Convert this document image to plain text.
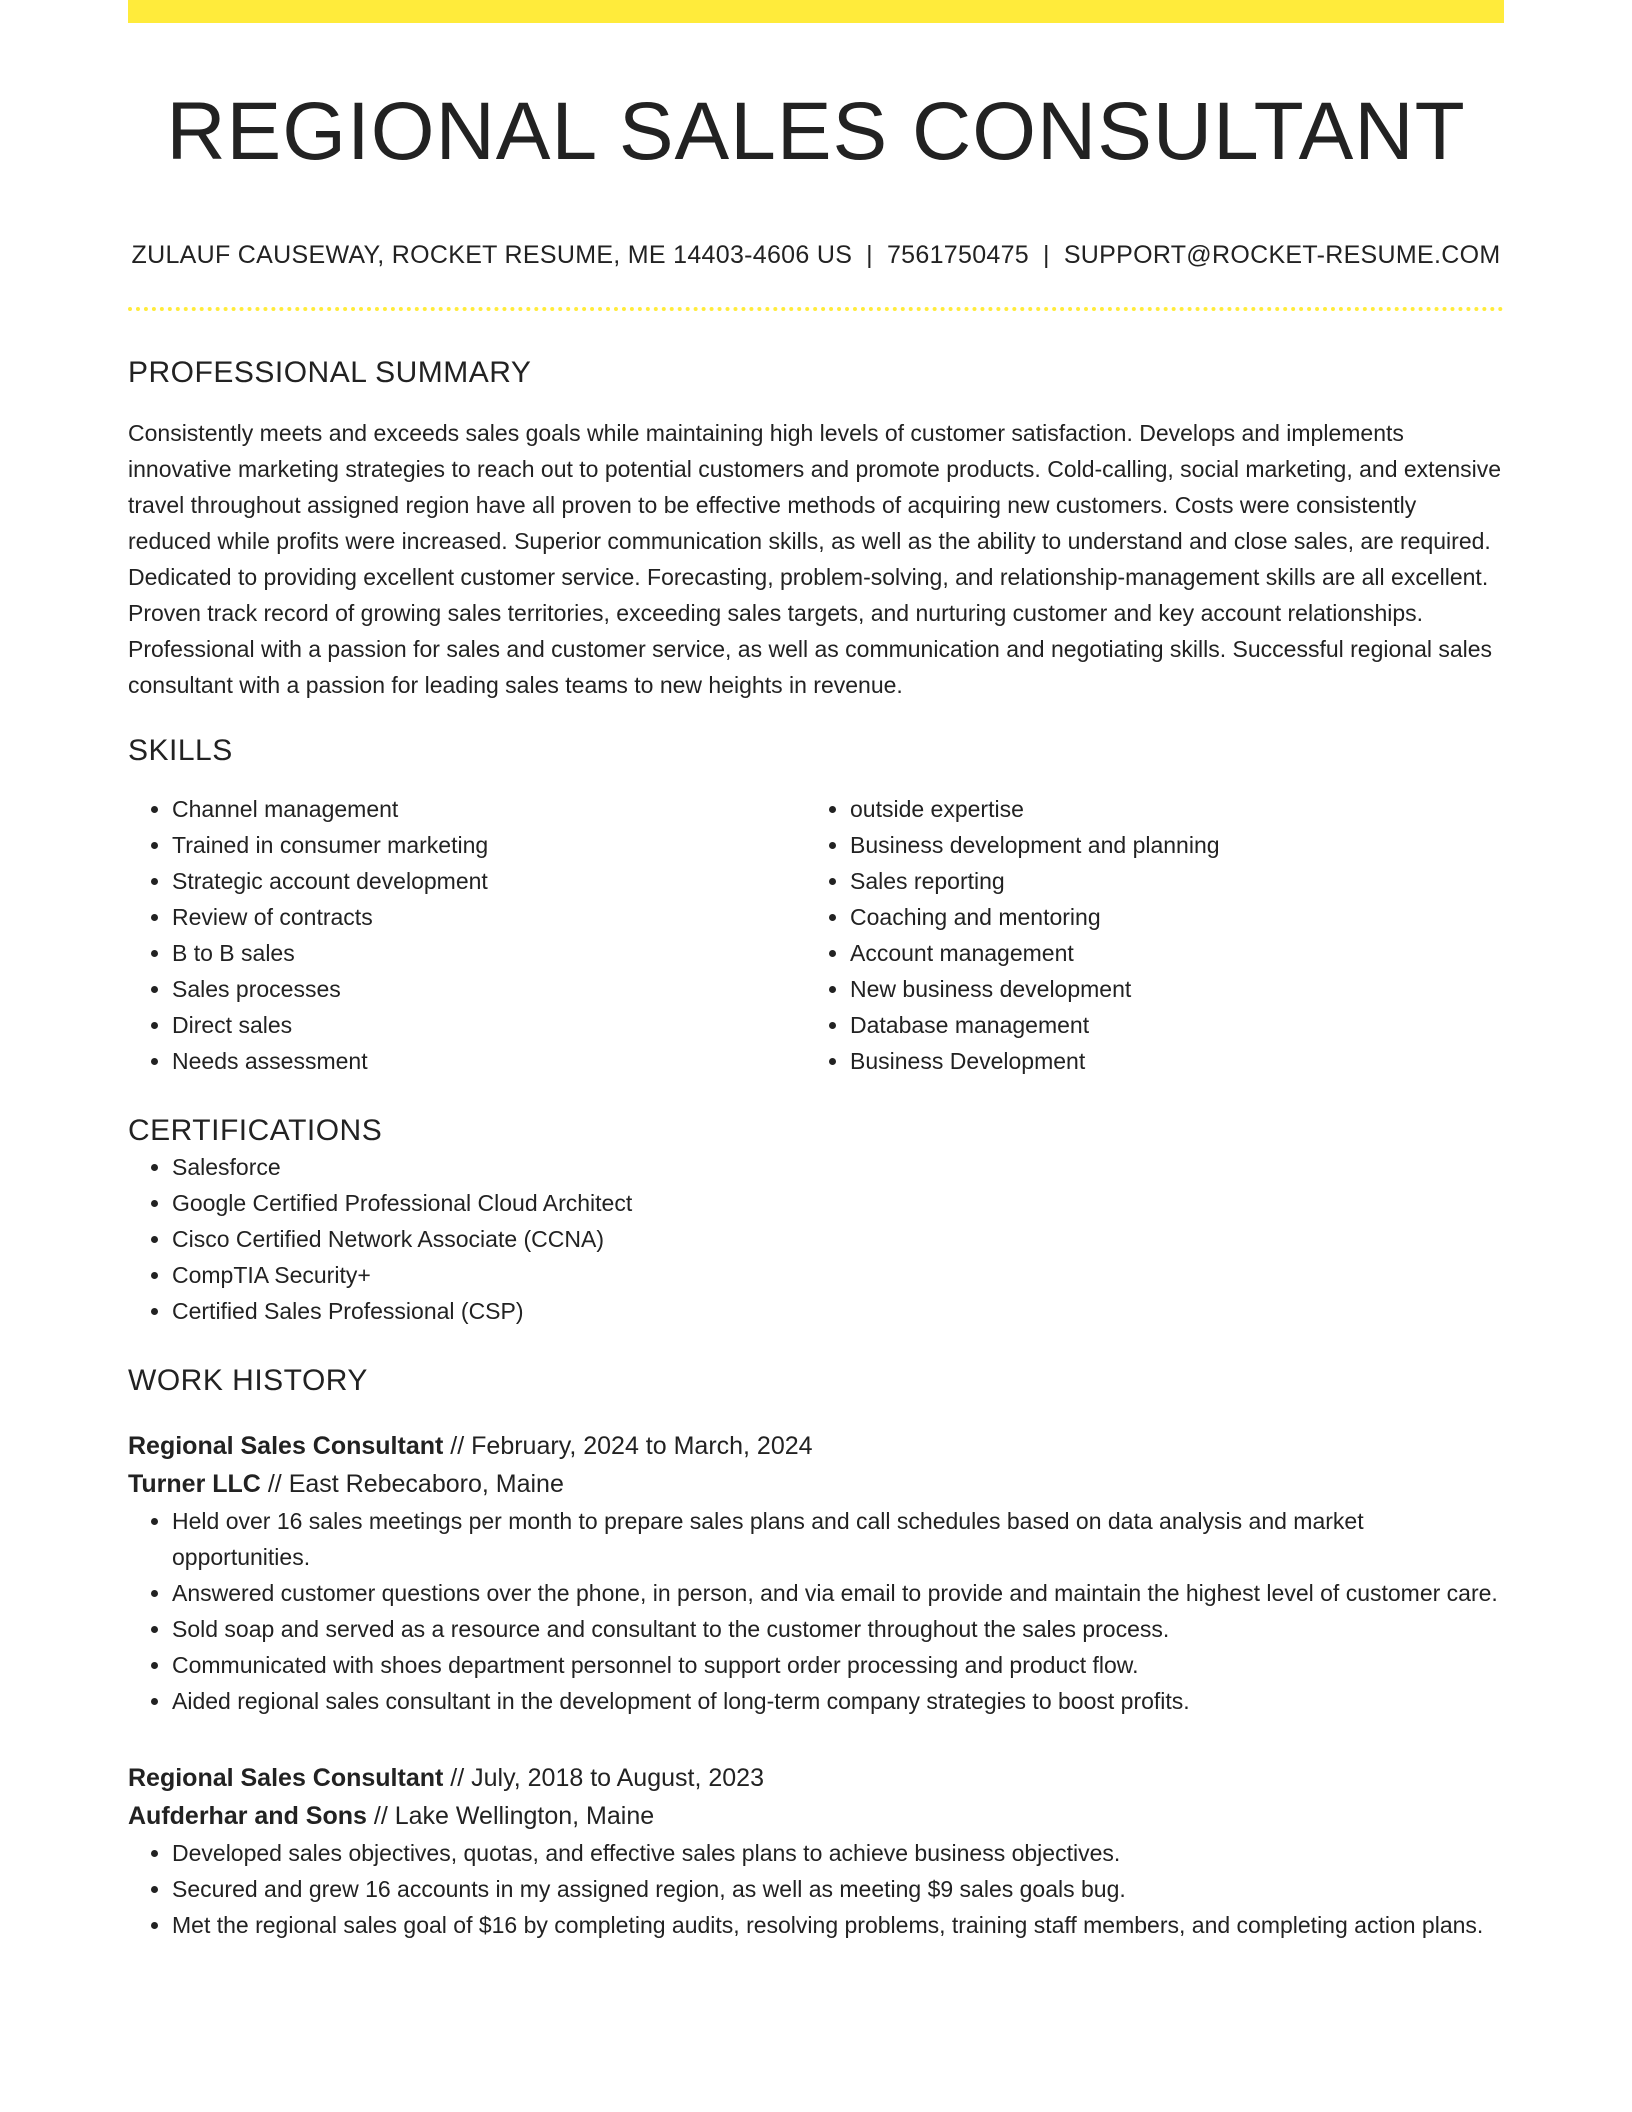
REGIONAL SALES CONSULTANT
ZULAUF CAUSEWAY, ROCKET RESUME, ME 14403-4606 US | 7561750475 | SUPPORT@ROCKET-RESUME.COM
PROFESSIONAL SUMMARY
Consistently meets and exceeds sales goals while maintaining high levels of customer satisfaction. Develops and implements innovative marketing strategies to reach out to potential customers and promote products. Cold-calling, social marketing, and extensive travel throughout assigned region have all proven to be effective methods of acquiring new customers. Costs were consistently reduced while profits were increased. Superior communication skills, as well as the ability to understand and close sales, are required. Dedicated to providing excellent customer service. Forecasting, problem-solving, and relationship-management skills are all excellent. Proven track record of growing sales territories, exceeding sales targets, and nurturing customer and key account relationships. Professional with a passion for sales and customer service, as well as communication and negotiating skills. Successful regional sales consultant with a passion for leading sales teams to new heights in revenue.
SKILLS
• Channel management
• Trained in consumer marketing
• Strategic account development
• Review of contracts
• B to B sales
• Sales processes
• Direct sales
• Needs assessment
• outside expertise
• Business development and planning
• Sales reporting
• Coaching and mentoring
• Account management
• New business development
• Database management
• Business Development
CERTIFICATIONS
• Salesforce
• Google Certified Professional Cloud Architect
• Cisco Certified Network Associate (CCNA)
• CompTIA Security+
• Certified Sales Professional (CSP)
WORK HISTORY
Regional Sales Consultant // February, 2024 to March, 2024
Turner LLC // East Rebecaboro, Maine
• Held over 16 sales meetings per month to prepare sales plans and call schedules based on data analysis and market opportunities.
• Answered customer questions over the phone, in person, and via email to provide and maintain the highest level of customer care.
• Sold soap and served as a resource and consultant to the customer throughout the sales process.
• Communicated with shoes department personnel to support order processing and product flow.
• Aided regional sales consultant in the development of long-term company strategies to boost profits.
Regional Sales Consultant // July, 2018 to August, 2023
Aufderhar and Sons // Lake Wellington, Maine
• Developed sales objectives, quotas, and effective sales plans to achieve business objectives.
• Secured and grew 16 accounts in my assigned region, as well as meeting $9 sales goals bug.
• Met the regional sales goal of $16 by completing audits, resolving problems, training staff members, and completing action plans.
